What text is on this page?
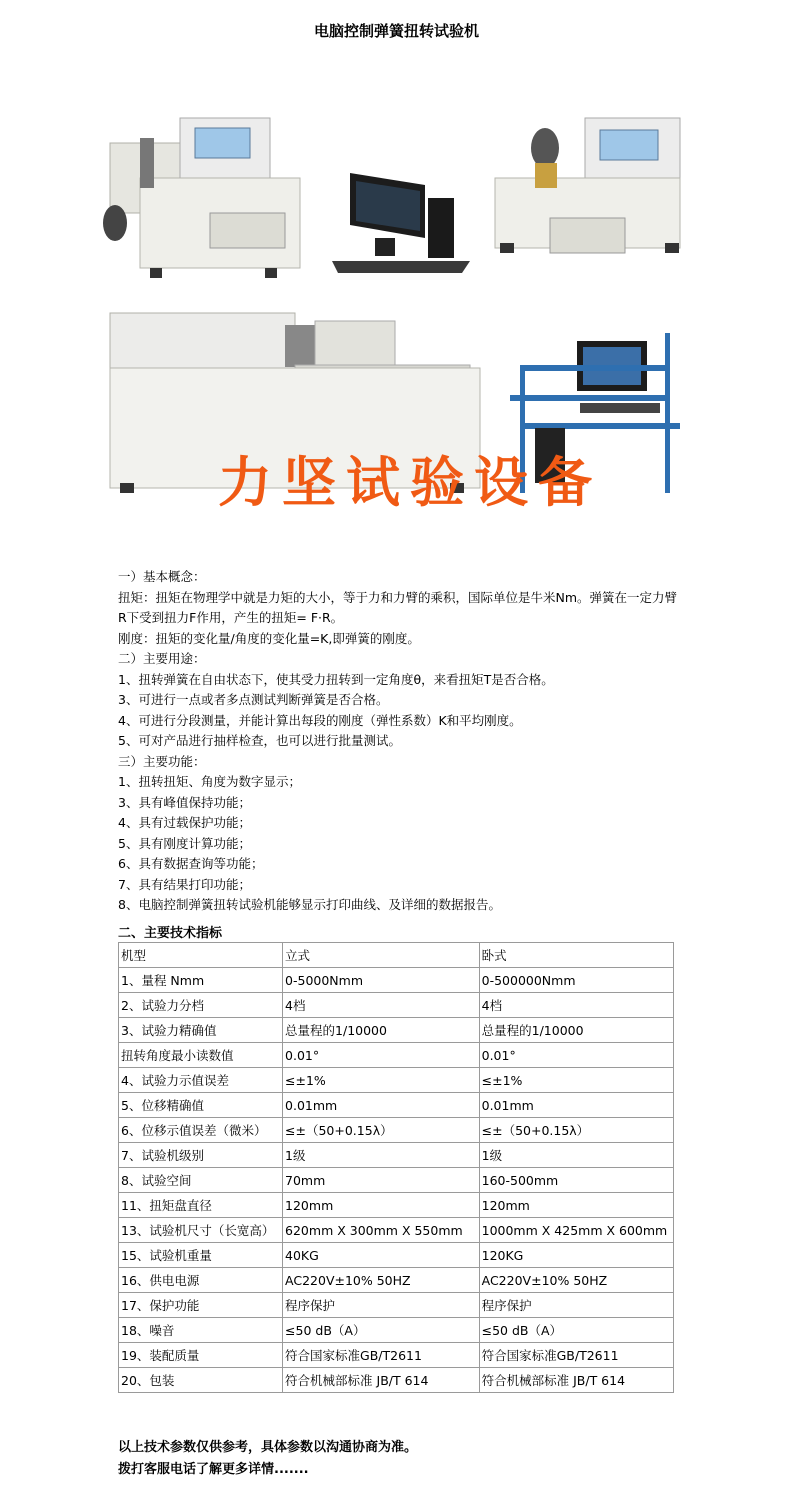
电脑控制弹簧扭转试验机
力坚试验设备
一）基本概念：
扭矩：扭矩在物理学中就是力矩的大小，等于力和力臂的乘积，国际单位是牛米Nm。弹簧在一定力臂R下受到扭力F作用，产生的扭矩= F·R。
刚度：扭矩的变化量/角度的变化量=K,即弹簧的刚度。
二）主要用途：
1、扭转弹簧在自由状态下，使其受力扭转到一定角度θ，来看扭矩T是否合格。
3、可进行一点或者多点测试判断弹簧是否合格。
4、可进行分段测量，并能计算出每段的刚度（弹性系数）K和平均刚度。
5、可对产品进行抽样检查，也可以进行批量测试。
三）主要功能：
1、扭转扭矩、角度为数字显示；
3、具有峰值保持功能；
4、具有过载保护功能；
5、具有刚度计算功能；
6、具有数据查询等功能；
7、具有结果打印功能；
8、电脑控制弹簧扭转试验机能够显示打印曲线、及详细的数据报告。
二、主要技术指标
机型	立式	卧式
1、量程 Nmm	0-5000Nmm	0-500000Nmm
2、试验力分档	4档	4档
3、试验力精确值	总量程的1/10000	总量程的1/10000
扭转角度最小读数值	0.01°	0.01°
4、试验力示值误差	≤±1%	≤±1%
5、位移精确值	0.01mm	0.01mm
6、位移示值误差（微米）	≤±（50+0.15λ）	≤±（50+0.15λ）
7、试验机级别	1级	1级
8、试验空间	70mm	160-500mm
11、扭矩盘直径	120mm	120mm
13、试验机尺寸（长宽高）	620mm X 300mm X 550mm	1000mm X 425mm X 600mm
15、试验机重量	40KG	120KG
16、供电电源	AC220V±10% 50HZ	AC220V±10% 50HZ
17、保护功能	程序保护	程序保护
18、噪音	≤50 dB（A）	≤50 dB（A）
19、装配质量	符合国家标准GB/T2611	符合国家标准GB/T2611
20、包装	符合机械部标准 JB/T 614	符合机械部标准 JB/T 614
以上技术参数仅供参考，具体参数以沟通协商为准。
拨打客服电话了解更多详情.......
